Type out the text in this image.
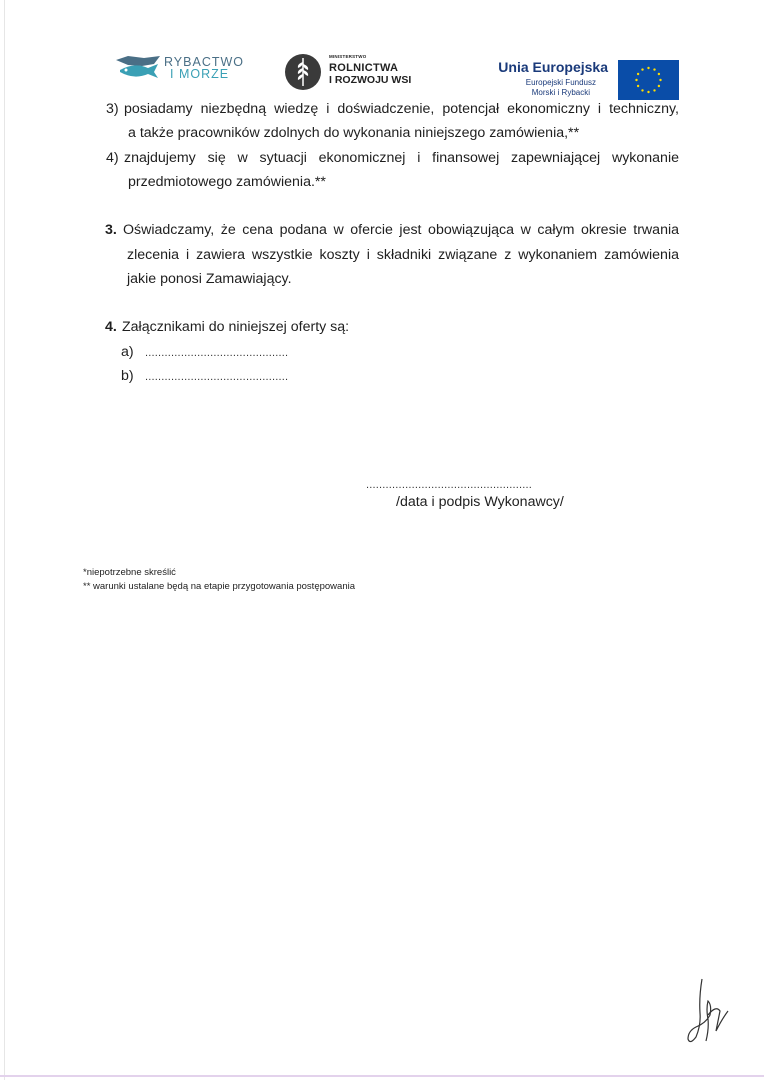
RYBACTWO
I MORZE
MINISTERSTWO
ROLNICTWA
I ROZWOJU WSI
Unia Europejska
Europejski Fundusz
Morski i Rybacki
3) posiadamy niezbędną wiedzę i doświadczenie, potencjał ekonomiczny i techniczny,
a także pracowników zdolnych do wykonania niniejszego zamówienia,**
4) znajdujemy się w sytuacji ekonomicznej i finansowej zapewniającej wykonanie
przedmiotowego zamówienia.**
3. Oświadczamy, że cena podana w ofercie jest obowiązująca w całym okresie trwania
zlecenia i zawiera wszystkie koszty i składniki związane z wykonaniem zamówienia
jakie ponosi Zamawiający.
4. Załącznikami do niniejszej oferty są:
a) ............................................
b) ............................................
...................................................
/data i podpis Wykonawcy/
*niepotrzebne skreślić
** warunki ustalane będą na etapie przygotowania postępowania
